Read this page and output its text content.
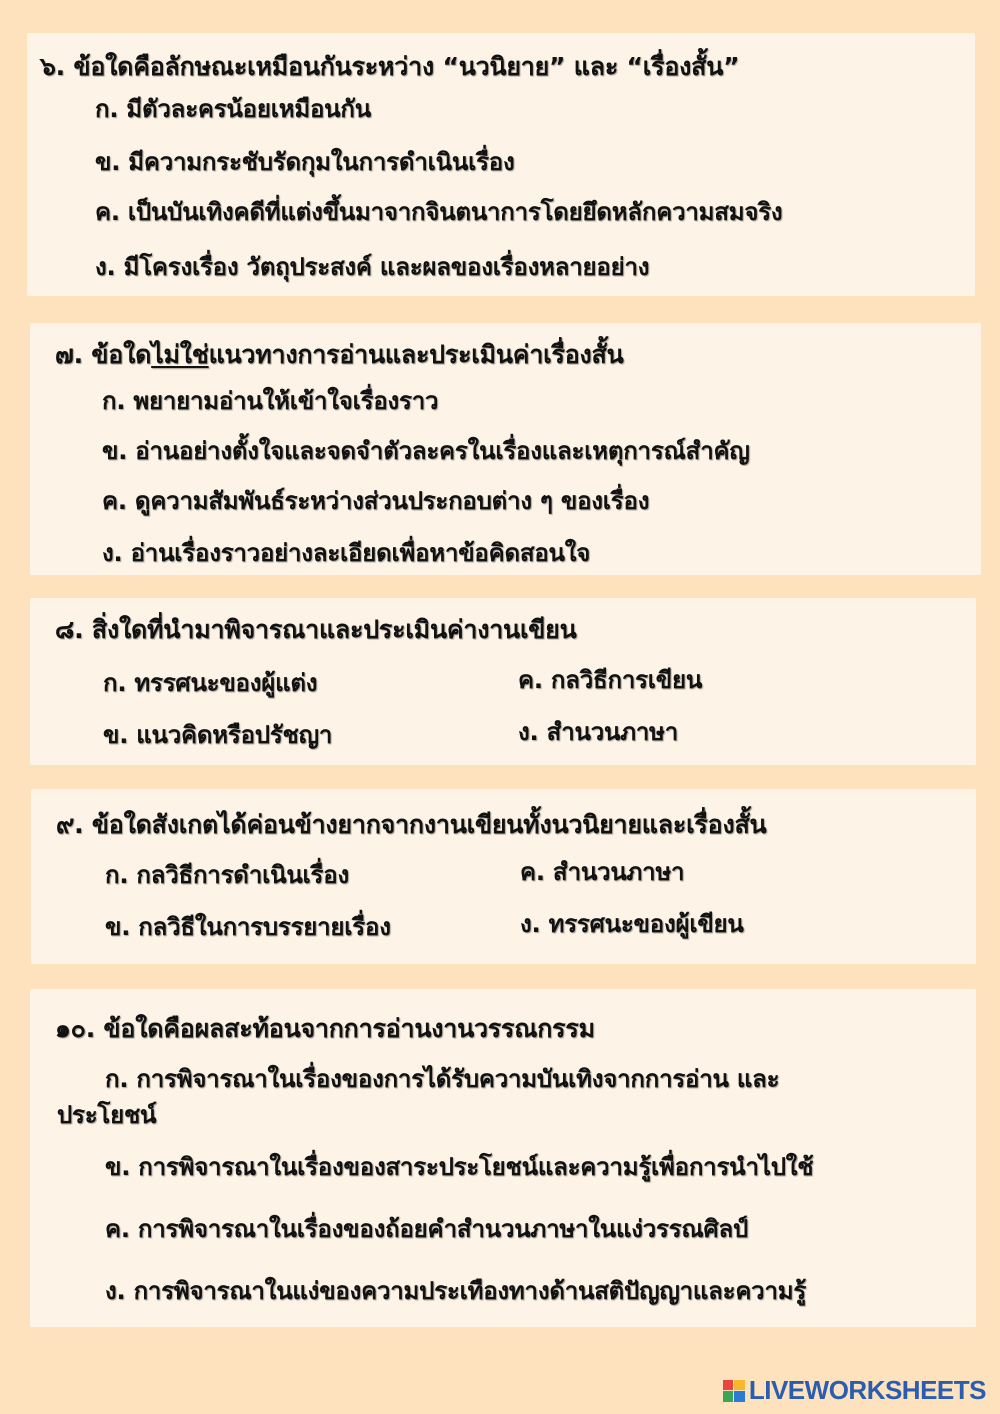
๖. ข้อใดคือลักษณะเหมือนกันระหว่าง “นวนิยาย” และ “เรื่องสั้น”
ก. มีตัวละครน้อยเหมือนกัน
ข. มีความกระชับรัดกุมในการดำเนินเรื่อง
ค. เป็นบันเทิงคดีที่แต่งขึ้นมาจากจินตนาการโดยยึดหลักความสมจริง
ง. มีโครงเรื่อง วัตถุประสงค์ และผลของเรื่องหลายอย่าง
๗. ข้อใดไม่ใช่แนวทางการอ่านและประเมินค่าเรื่องสั้น
ก. พยายามอ่านให้เข้าใจเรื่องราว
ข. อ่านอย่างตั้งใจและจดจำตัวละครในเรื่องและเหตุการณ์สำคัญ
ค. ดูความสัมพันธ์ระหว่างส่วนประกอบต่าง ๆ ของเรื่อง
ง. อ่านเรื่องราวอย่างละเอียดเพื่อหาข้อคิดสอนใจ
๘. สิ่งใดที่นำมาพิจารณาและประเมินค่างานเขียน
ก. ทรรศนะของผู้แต่ง
ข. แนวคิดหรือปรัชญา
ค. กลวิธีการเขียน
ง. สำนวนภาษา
๙. ข้อใดสังเกตได้ค่อนข้างยากจากงานเขียนทั้งนวนิยายและเรื่องสั้น
ก. กลวิธีการดำเนินเรื่อง
ข. กลวิธีในการบรรยายเรื่อง
ค. สำนวนภาษา
ง. ทรรศนะของผู้เขียน
๑๐. ข้อใดคือผลสะท้อนจากการอ่านงานวรรณกรรม
ก. การพิจารณาในเรื่องของการได้รับความบันเทิงจากการอ่าน และ
ประโยชน์
ข. การพิจารณาในเรื่องของสาระประโยชน์และความรู้เพื่อการนำไปใช้
ค. การพิจารณาในเรื่องของถ้อยคำสำนวนภาษาในแง่วรรณศิลป์
ง. การพิจารณาในแง่ของความประเทืองทางด้านสติปัญญาและความรู้
LIVEWORKSHEETS
